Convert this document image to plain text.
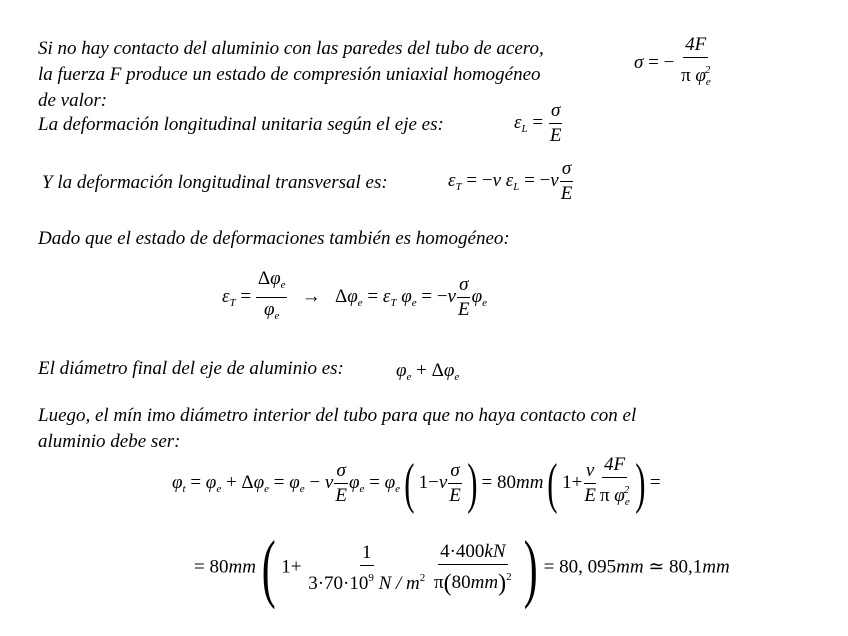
Si no hay contacto del aluminio con las paredes del tubo de acero,
la fuerza F produce un estado de compresión uniaxial homogéneo
de valor:
σ = − $\frac{4F}{\pi \varphi_e^2}$
La deformación longitudinal unitaria según el eje es:	$\varepsilon_L = \frac{\sigma}{E}$
Y la deformación longitudinal transversal es:	$\varepsilon_T = -\nu$ $\varepsilon_L = -\nu \frac{\sigma}{E}$
Dado que el estado de deformaciones también es homogéneo:
$\varepsilon_T = \frac{\Delta\varphi_e}{\varphi_e} \to \Delta\varphi_e = \varepsilon_T$ $\varphi_e = -\nu \frac{\sigma}{E} \varphi_e$
El diámetro final del eje de aluminio es:	$\varphi_e + \Delta\varphi_e$
Luego, el mín imo diámetro interior del tubo para que no haya contacto con el
aluminio debe ser:
$\varphi_t = \varphi_e + \Delta\varphi_e = \varphi_e - \nu \frac{\sigma}{E} \varphi_e = \varphi_e$( $1-\nu \frac{\sigma}{E}$ ) = 80mm( $1+ \frac{\nu}{E} \frac{4F}{\pi \varphi_e^2}$ ) =
= 80mm( $1+ \frac{1}{3\cdot 70\cdot 10^9 N / m^2}$
$\frac{4\cdot 400kN}{\pi(80mm)^2}$ ) = 80, 095mm ≃ 80,1mm
